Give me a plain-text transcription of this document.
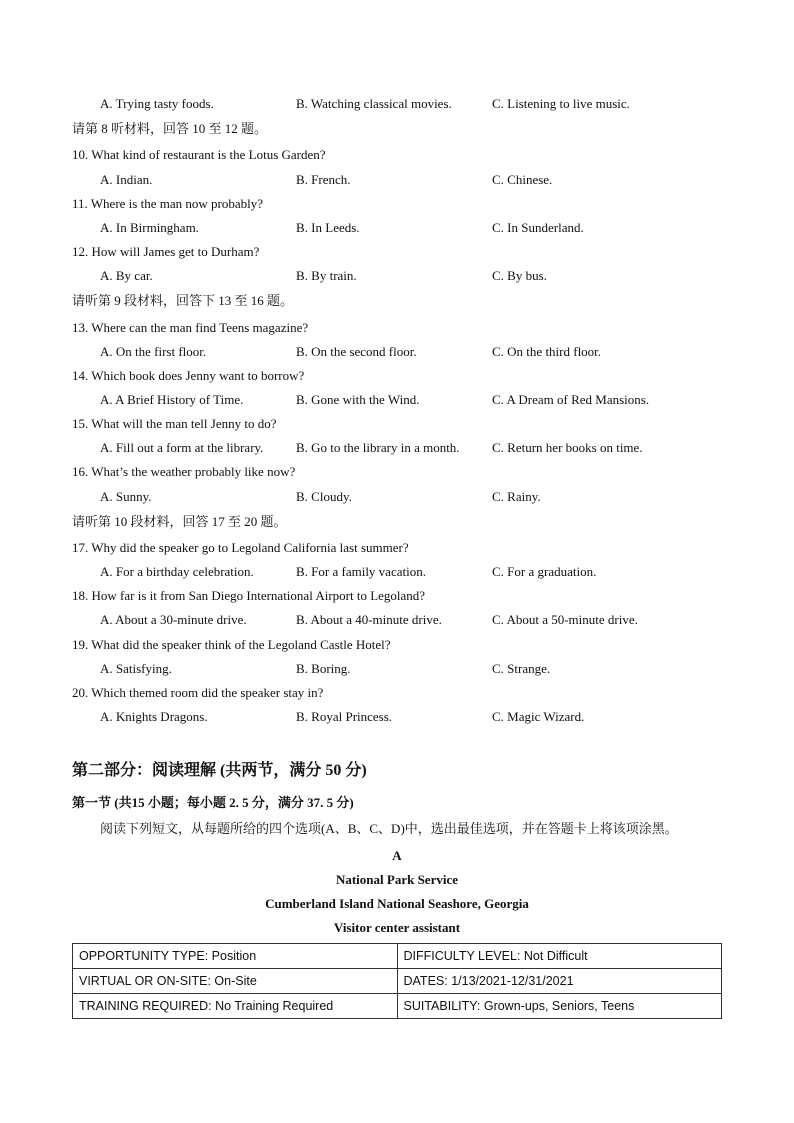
A. Trying tasty foods.	B. Watching classical movies.	C. Listening to live music.
请第 8 听材料，回答 10 至 12 题。
10. What kind of restaurant is the Lotus Garden?
A. Indian.	B. French.	C. Chinese.
11. Where is the man now probably?
A. In Birmingham.	B. In Leeds.	C. In Sunderland.
12. How will James get to Durham?
A. By car.	B. By train.	C. By bus.
请听第 9 段材料，回答下 13 至 16 题。
13. Where can the man find Teens magazine?
A. On the first floor.	B. On the second floor.	C. On the third floor.
14. Which book does Jenny want to borrow?
A. A Brief History of Time.	B. Gone with the Wind.	C. A Dream of Red Mansions.
15. What will the man tell Jenny to do?
A. Fill out a form at the library.	B. Go to the library in a month. C. Return her books on time.
16. What’s the weather probably like now?
A. Sunny.	B. Cloudy.	C. Rainy.
请听第 10 段材料，回答 17 至 20 题。
17. Why did the speaker go to Legoland California last summer?
A. For a birthday celebration.	B. For a family vacation.	C. For a graduation.
18. How far is it from San Diego International Airport to Legoland?
A. About a 30-minute drive.	B. About a 40-minute drive.	C. About a 50-minute drive.
19. What did the speaker think of the Legoland Castle Hotel?
A. Satisfying.	B. Boring.	C. Strange.
20. Which themed room did the speaker stay in?
A. Knights Dragons.	B. Royal Princess.	C. Magic Wizard.
第二部分：阅读理解 (共两节，满分 50 分)
第一节 (共15 小题；每小题 2. 5 分，满分 37. 5 分)
阅读下列短文，从每题所给的四个选项(A、B、C、D)中，选出最佳选项，并在答题卡上将该项涂黑。
A
National Park Service
Cumberland Island National Seashore, Georgia
Visitor center assistant
OPPORTUNITY TYPE: Position	DIFFICULTY LEVEL: Not Difficult
VIRTUAL OR ON-SITE: On-Site	DATES: 1/13/2021-12/31/2021
TRAINING REQUIRED: No Training Required	SUITABILITY: Grown-ups, Seniors, Teens
